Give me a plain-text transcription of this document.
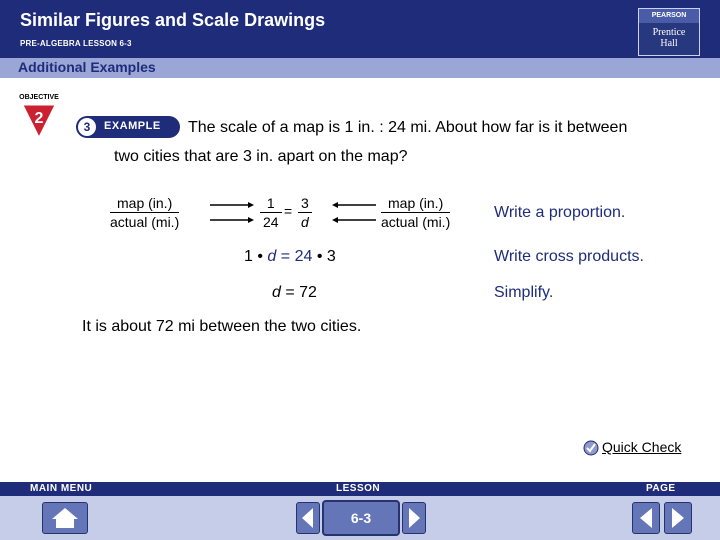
Similar Figures and Scale Drawings
PRE-ALGEBRA LESSON 6-3
PEARSON
Prentice
Hall
Additional Examples
OBJECTIVE
2	3	EXAMPLE The scale of a map is 1 in. : 24 mi. About how far is it between
two cities that are 3 in. apart on the map?
map (in.)
actual (mi.)	$\frac{1}{24} = \frac{3}{d}$	map (in.)
actual (mi.)
Write a proportion.
1 • d = 24 • 3	Write cross products.
d = 72	Simplify.
It is about 72 mi between the two cities.
Quick Check
MAIN MENU	LESSON	PAGE
6-3
